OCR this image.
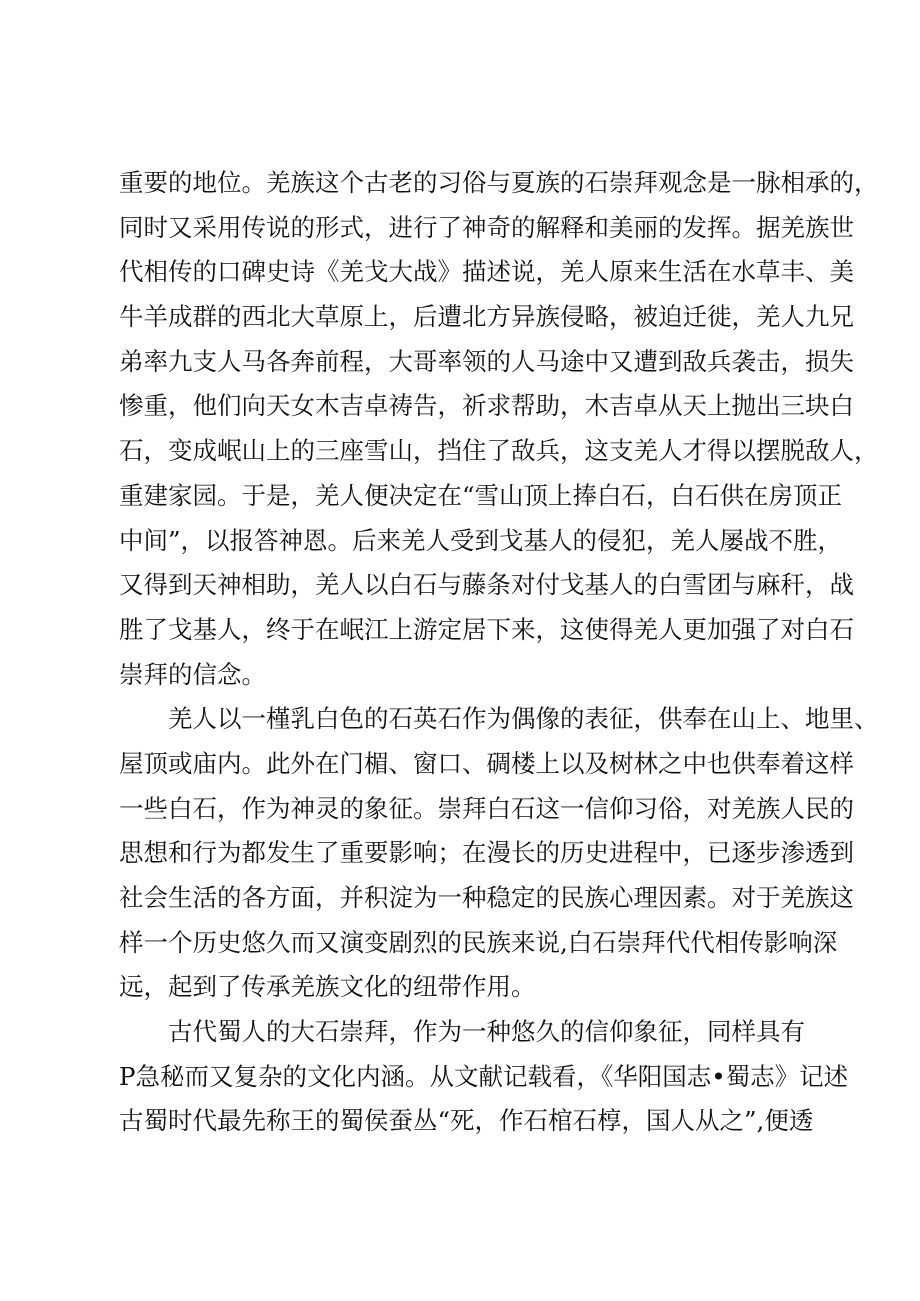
重要的地位。羌族这个古老的习俗与夏族的石崇拜观念是一脉相承的，
同时又采用传说的形式，进行了神奇的解释和美丽的发挥。据羌族世
代相传的口碑史诗《羌戈大战》描述说，羌人原来生活在水草丰、美
牛羊成群的西北大草原上，后遭北方异族侵略，被迫迁徙，羌人九兄
弟率九支人马各奔前程，大哥率领的人马途中又遭到敌兵袭击，损失
惨重，他们向天女木吉卓祷告，祈求帮助，木吉卓从天上抛出三块白
石，变成岷山上的三座雪山，挡住了敌兵，这支羌人才得以摆脱敌人，
重建家园。于是，羌人便决定在“雪山顶上捧白石，白石供在房顶正
中间”，以报答神恩。后来羌人受到戈基人的侵犯，羌人屡战不胜，
又得到天神相助，羌人以白石与藤条对付戈基人的白雪团与麻秆，战
胜了戈基人，终于在岷江上游定居下来，这使得羌人更加强了对白石
崇拜的信念。
羌人以一槿乳白色的石英石作为偶像的表征，供奉在山上、地里、
屋顶或庙内。此外在门楣、窗口、碉楼上以及树林之中也供奉着这样
一些白石，作为神灵的象征。崇拜白石这一信仰习俗，对羌族人民的
思想和行为都发生了重要影响；在漫长的历史进程中，已逐步渗透到
社会生活的各方面，并积淀为一种稳定的民族心理因素。对于羌族这
样一个历史悠久而又演变剧烈的民族来说,白石崇拜代代相传影响深
远，起到了传承羌族文化的纽带作用。
古代蜀人的大石崇拜，作为一种悠久的信仰象征，同样具有
P急秘而又复杂的文化内涵。从文献记载看，《华阳国志•蜀志》记述
古蜀时代最先称王的蜀侯蚕丛“死，作石棺石椁，国人从之”,便透
